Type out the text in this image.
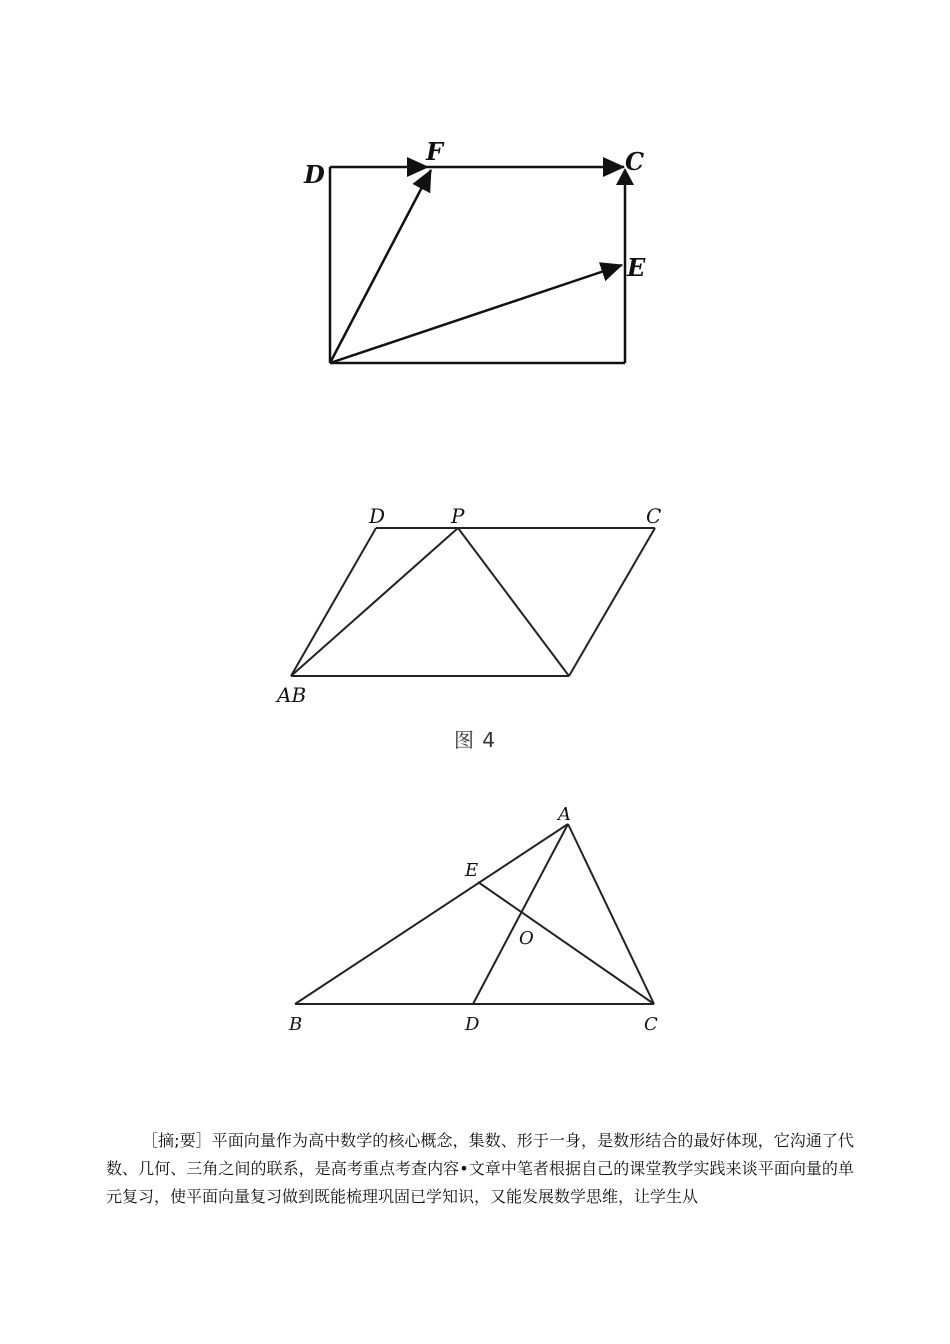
D
F	C
E
D	P	C
AB
图 4
A
E
O
B	D	C

［摘;要］平面向量作为高中数学的核心概念，集数、形于一身，是数形结合的最好体现，它沟通了代数、几何、三角之间的联系，是高考重点考查内容•文章中笔者根据自己的课堂教学实践来谈平面向量的单元复习，使平面向量复习做到既能梳理巩固已学知识，又能发展数学思维，让学生从
